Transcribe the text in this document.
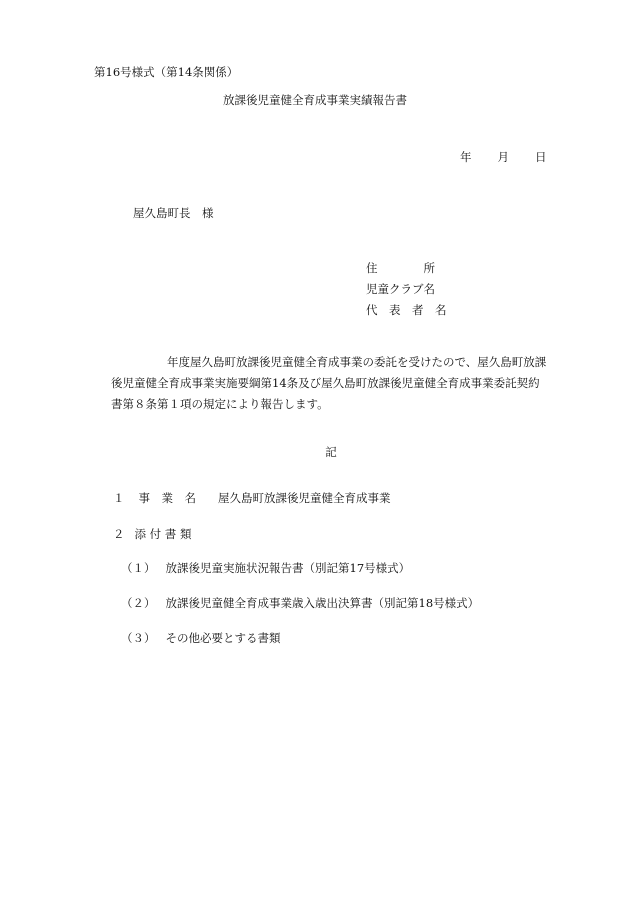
第16号様式（第14条関係）
放課後児童健全育成事業実績報告書
年 月 日
屋久島町長　様
住　　　　所
児童クラブ名
代　表　者　名
年度屋久島町放課後児童健全育成事業の委託を受けたので、屋久島町放課後児童健全育成事業実施要綱第14条及び屋久島町放課後児童健全育成事業委託契約書第８条第１項の規定により報告します。
記
１ 事　業　名 屋久島町放課後児童健全育成事業
２ 添 付 書 類
（１） 放課後児童実施状況報告書（別記第17号様式）
（２） 放課後児童健全育成事業歳入歳出決算書（別記第18号様式）
（３） その他必要とする書類
